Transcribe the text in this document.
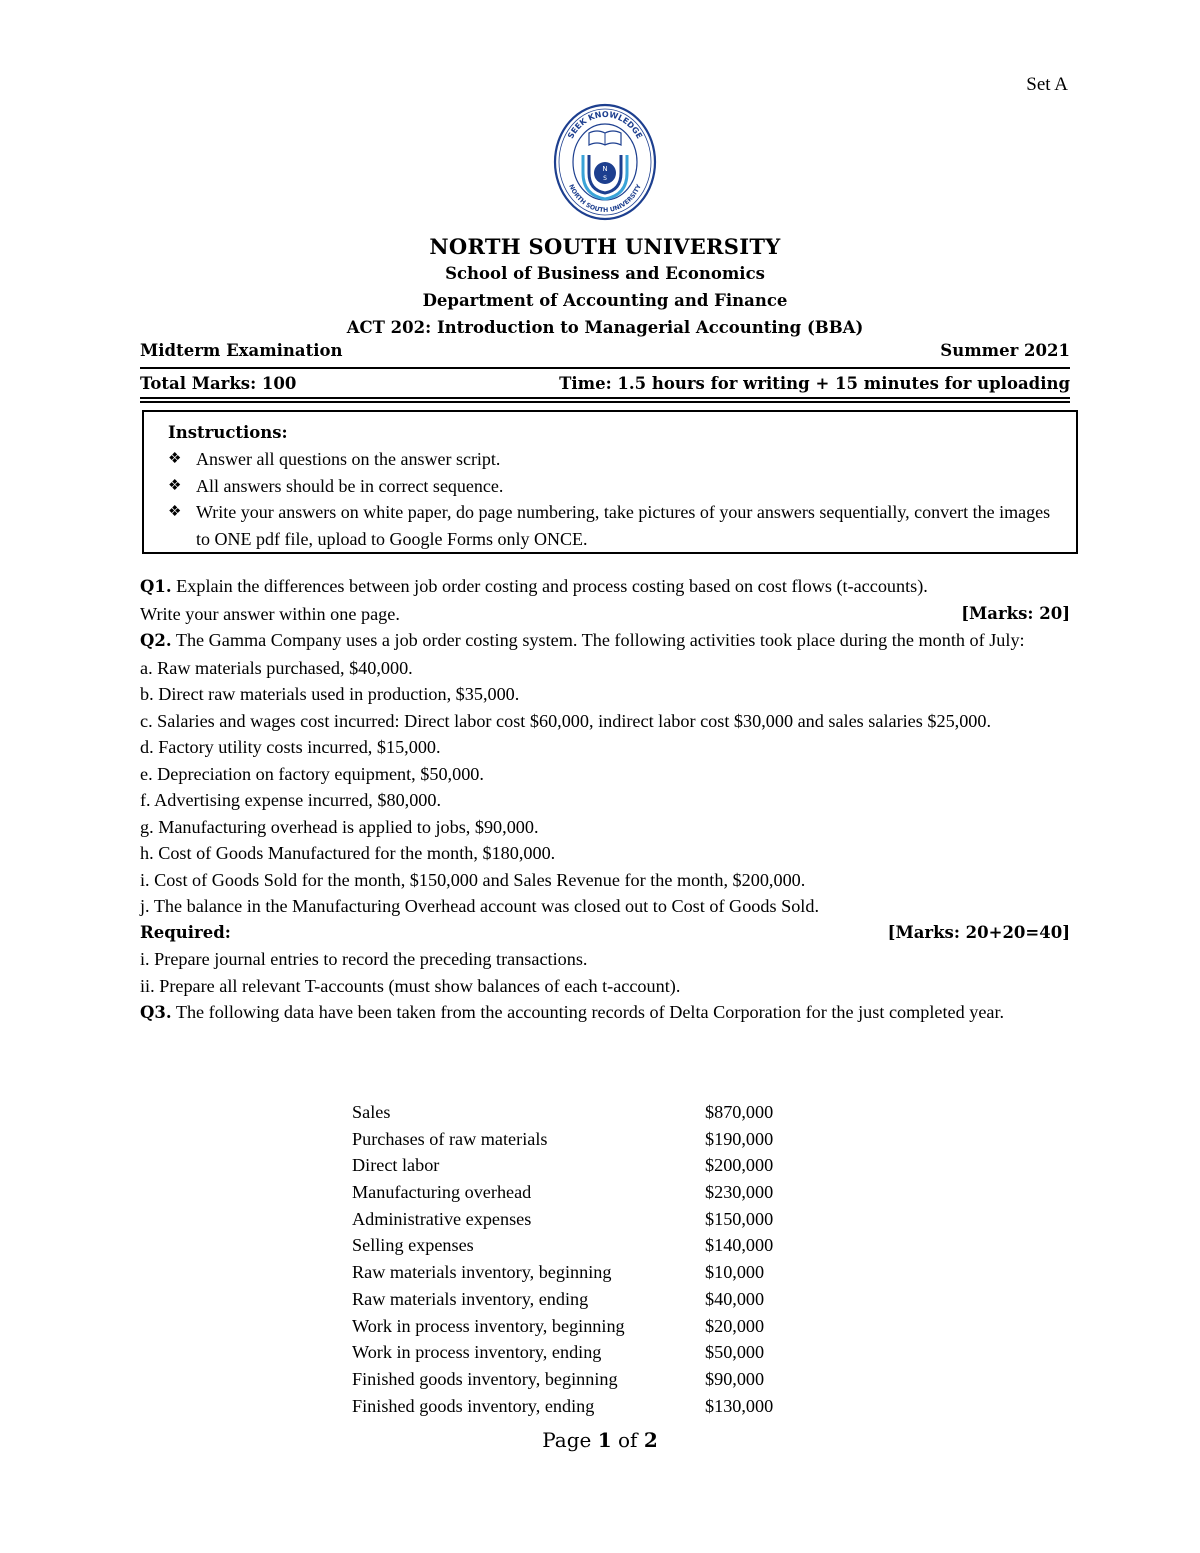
Set A
SEEK KNOWLEDGE
NORTH SOUTH UNIVERSITY
N
S
NORTH SOUTH UNIVERSITY
School of Business and Economics
Department of Accounting and Finance
ACT 202: Introduction to Managerial Accounting (BBA)
Midterm Examination	Summer 2021
Total Marks: 100	Time: 1.5 hours for writing + 15 minutes for uploading
Instructions:
❖ Answer all questions on the answer script.
❖ All answers should be in correct sequence.
❖ Write your answers on white paper, do page numbering, take pictures of your answers sequentially, convert the images to ONE pdf file, upload to Google Forms only ONCE.

Q1. Explain the differences between job order costing and process costing based on cost flows (t-accounts).

Write your answer within one page.	[Marks: 20]

Q2. The Gamma Company uses a job order costing system. The following activities took place during the month of July:

a. Raw materials purchased, $40,000.

b. Direct raw materials used in production, $35,000.

c. Salaries and wages cost incurred: Direct labor cost $60,000, indirect labor cost $30,000 and sales salaries $25,000.

d. Factory utility costs incurred, $15,000.

e. Depreciation on factory equipment, $50,000.

f. Advertising expense incurred, $80,000.

g. Manufacturing overhead is applied to jobs, $90,000.

h. Cost of Goods Manufactured for the month, $180,000.

i. Cost of Goods Sold for the month, $150,000 and Sales Revenue for the month, $200,000.

j. The balance in the Manufacturing Overhead account was closed out to Cost of Goods Sold.

Required:	[Marks: 20+20=40]

i. Prepare journal entries to record the preceding transactions.

ii. Prepare all relevant T-accounts (must show balances of each t-account).

Q3. The following data have been taken from the accounting records of Delta Corporation for the just completed year.

Sales	$870,000
Purchases of raw materials	$190,000
Direct labor	$200,000
Manufacturing overhead	$230,000
Administrative expenses	$150,000
Selling expenses	$140,000
Raw materials inventory, beginning	$10,000
Raw materials inventory, ending	$40,000
Work in process inventory, beginning	$20,000
Work in process inventory, ending	$50,000
Finished goods inventory, beginning	$90,000
Finished goods inventory, ending	$130,000
Page 1 of 2
